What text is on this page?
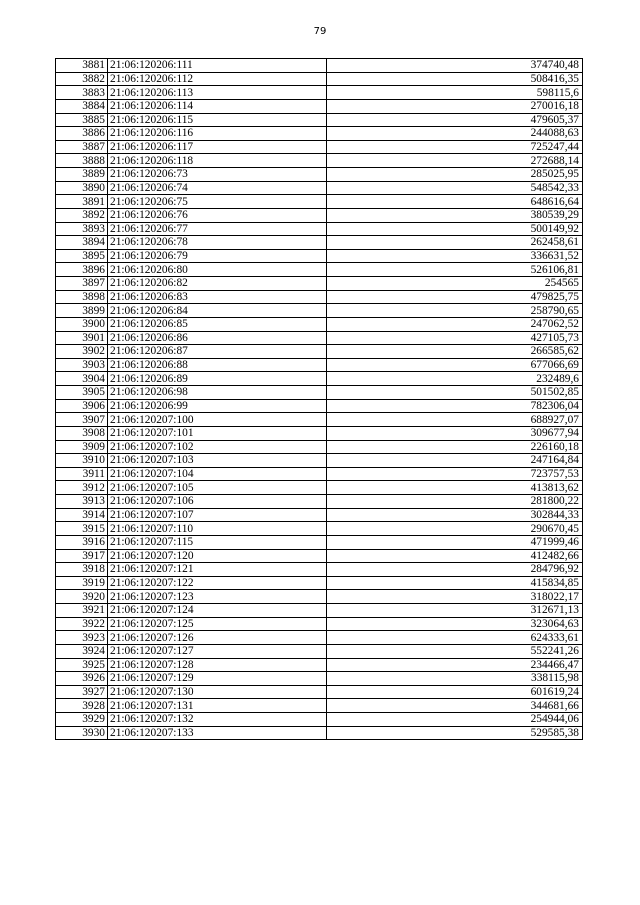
79
3881	21:06:120206:111	374740,48
3882	21:06:120206:112	508416,35
3883	21:06:120206:113	598115,6
3884	21:06:120206:114	270016,18
3885	21:06:120206:115	479605,37
3886	21:06:120206:116	244088,63
3887	21:06:120206:117	725247,44
3888	21:06:120206:118	272688,14
3889	21:06:120206:73	285025,95
3890	21:06:120206:74	548542,33
3891	21:06:120206:75	648616,64
3892	21:06:120206:76	380539,29
3893	21:06:120206:77	500149,92
3894	21:06:120206:78	262458,61
3895	21:06:120206:79	336631,52
3896	21:06:120206:80	526106,81
3897	21:06:120206:82	254565
3898	21:06:120206:83	479825,75
3899	21:06:120206:84	258790,65
3900	21:06:120206:85	247062,52
3901	21:06:120206:86	427105,73
3902	21:06:120206:87	266585,62
3903	21:06:120206:88	677066,69
3904	21:06:120206:89	232489,6
3905	21:06:120206:98	501502,85
3906	21:06:120206:99	782306,04
3907	21:06:120207:100	688927,07
3908	21:06:120207:101	309677,94
3909	21:06:120207:102	226160,18
3910	21:06:120207:103	247164,84
3911	21:06:120207:104	723757,53
3912	21:06:120207:105	413813,62
3913	21:06:120207:106	281800,22
3914	21:06:120207:107	302844,33
3915	21:06:120207:110	290670,45
3916	21:06:120207:115	471999,46
3917	21:06:120207:120	412482,66
3918	21:06:120207:121	284796,92
3919	21:06:120207:122	415834,85
3920	21:06:120207:123	318022,17
3921	21:06:120207:124	312671,13
3922	21:06:120207:125	323064,63
3923	21:06:120207:126	624333,61
3924	21:06:120207:127	552241,26
3925	21:06:120207:128	234466,47
3926	21:06:120207:129	338115,98
3927	21:06:120207:130	601619,24
3928	21:06:120207:131	344681,66
3929	21:06:120207:132	254944,06
3930	21:06:120207:133	529585,38
